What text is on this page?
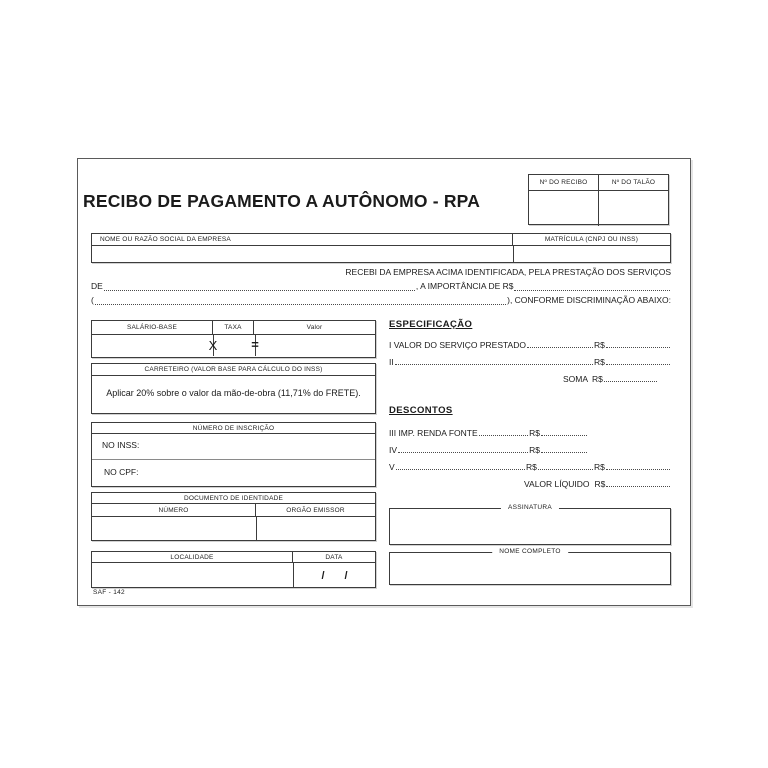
Nº DO RECIBO	Nº DO TALÃO
RECIBO DE PAGAMENTO A AUTÔNOMO - RPA
NOME OU RAZÃO SOCIAL DA EMPRESA	MATRÍCULA (CNPJ OU INSS)
RECEBI DA EMPRESA ACIMA IDENTIFICADA, PELA PRESTAÇÃO DOS SERVIÇOS
DE	, A IMPORTÂNCIA DE R$
(	), CONFORME DISCRIMINAÇÃO ABAIXO:
SALÁRIO-BASE	TAXA	Valor
X	=
CARRETEIRO (VALOR BASE PARA CÁLCULO DO INSS)
Aplicar 20% sobre o valor da mão-de-obra (11,71% do FRETE).
NÚMERO DE INSCRIÇÃO
NO INSS:
NO CPF:
DOCUMENTO DE IDENTIDADE
NÚMERO	ORGÃO EMISSOR
LOCALIDADE	DATA
/ /
SAF - 142
ESPECIFICAÇÃO
I VALOR DO SERVIÇO PRESTADO	R$
II	R$
SOMA R$
DESCONTOS
III IMP. RENDA FONTE	R$
IV	R$
V	R$	R$
VALOR LÍQUIDO R$
ASSINATURA
NOME COMPLETO
